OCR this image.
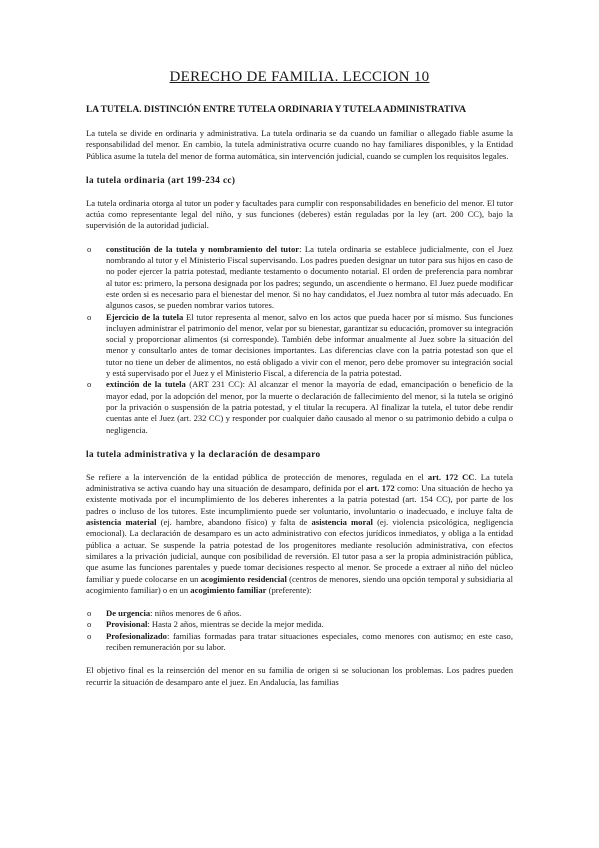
DERECHO DE FAMILIA. LECCION 10
LA TUTELA. DISTINCIÓN ENTRE TUTELA ORDINARIA Y TUTELA ADMINISTRATIVA

La tutela se divide en ordinaria y administrativa. La tutela ordinaria se da cuando un familiar o allegado fiable asume la responsabilidad del menor. En cambio, la tutela administrativa ocurre cuando no hay familiares disponibles, y la Entidad Pública asume la tutela del menor de forma automática, sin intervención judicial, cuando se cumplen los requisitos legales.

la tutela ordinaria (art 199-234 cc)

La tutela ordinaria otorga al tutor un poder y facultades para cumplir con responsabilidades en beneficio del menor. El tutor actúa como representante legal del niño, y sus funciones (deberes) están reguladas por la ley (art. 200 CC), bajo la supervisión de la autoridad judicial.

o constitución de la tutela y nombramiento del tutor: La tutela ordinaria se establece judicialmente, con el Juez nombrando al tutor y el Ministerio Fiscal supervisando. Los padres pueden designar un tutor para sus hijos en caso de no poder ejercer la patria potestad, mediante testamento o documento notarial. El orden de preferencia para nombrar al tutor es: primero, la persona designada por los padres; segundo, un ascendiente o hermano. El Juez puede modificar este orden si es necesario para el bienestar del menor. Si no hay candidatos, el Juez nombra al tutor más adecuado. En algunos casos, se pueden nombrar varios tutores.
o Ejercicio de la tutela El tutor representa al menor, salvo en los actos que pueda hacer por sí mismo. Sus funciones incluyen administrar el patrimonio del menor, velar por su bienestar, garantizar su educación, promover su integración social y proporcionar alimentos (si corresponde). También debe informar anualmente al Juez sobre la situación del menor y consultarlo antes de tomar decisiones importantes. Las diferencias clave con la patria potestad son que el tutor no tiene un deber de alimentos, no está obligado a vivir con el menor, pero debe promover su integración social y está supervisado por el Juez y el Ministerio Fiscal, a diferencia de la patria potestad.
o extinción de la tutela (ART 231 CC): Al alcanzar el menor la mayoría de edad, emancipación o beneficio de la mayor edad, por la adopción del menor, por la muerte o declaración de fallecimiento del menor, si la tutela se originó por la privación o suspensión de la patria potestad, y el titular la recupera. Al finalizar la tutela, el tutor debe rendir cuentas ante el Juez (art. 232 CC) y responder por cualquier daño causado al menor o su patrimonio debido a culpa o negligencia.
la tutela administrativa y la declaración de desamparo

Se refiere a la intervención de la entidad pública de protección de menores, regulada en el art. 172 CC. La tutela administrativa se activa cuando hay una situación de desamparo, definida por el art. 172 como: Una situación de hecho ya existente motivada por el incumplimiento de los deberes inherentes a la patria potestad (art. 154 CC), por parte de los padres o incluso de los tutores. Este incumplimiento puede ser voluntario, involuntario o inadecuado, e incluye falta de asistencia material (ej. hambre, abandono físico) y falta de asistencia moral (ej. violencia psicológica, negligencia emocional). La declaración de desamparo es un acto administrativo con efectos jurídicos inmediatos, y obliga a la entidad pública a actuar. Se suspende la patria potestad de los progenitores mediante resolución administrativa, con efectos similares a la privación judicial, aunque con posibilidad de reversión. El tutor pasa a ser la propia administración pública, que asume las funciones parentales y puede tomar decisiones respecto al menor. Se procede a extraer al niño del núcleo familiar y puede colocarse en un acogimiento residencial (centros de menores, siendo una opción temporal y subsidiaria al acogimiento familiar) o en un acogimiento familiar (preferente):

o De urgencia: niños menores de 6 años.
o Provisional: Hasta 2 años, mientras se decide la mejor medida.
o Profesionalizado: familias formadas para tratar situaciones especiales, como menores con autismo; en este caso, reciben remuneración por su labor.

El objetivo final es la reinserción del menor en su familia de origen si se solucionan los problemas. Los padres pueden recurrir la situación de desamparo ante el juez. En Andalucía, las familias
